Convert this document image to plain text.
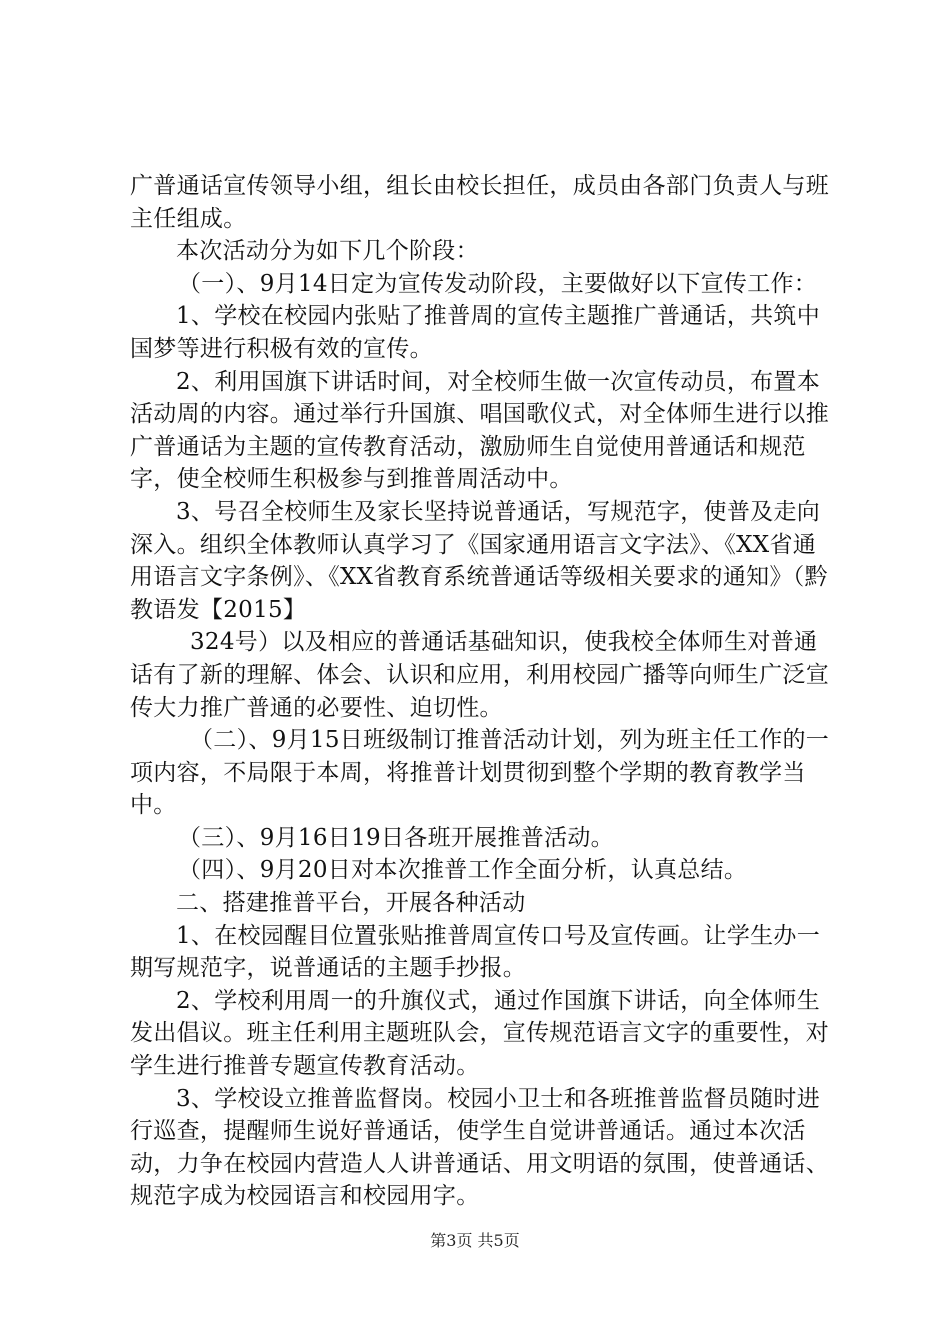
广普通话宣传领导小组，组长由校长担任，成员由各部门负责人与班主任组成。

本次活动分为如下几个阶段：

（一）、9月14日定为宣传发动阶段，主要做好以下宣传工作：

1、学校在校园内张贴了推普周的宣传主题推广普通话，共筑中国梦等进行积极有效的宣传。

2、利用国旗下讲话时间，对全校师生做一次宣传动员，布置本活动周的内容。通过举行升国旗、唱国歌仪式，对全体师生进行以推广普通话为主题的宣传教育活动，激励师生自觉使用普通话和规范字，使全校师生积极参与到推普周活动中。

3、号召全校师生及家长坚持说普通话，写规范字，使普及走向深入。组织全体教师认真学习了《国家通用语言文字法》、《XX省通用语言文字条例》、《XX省教育系统普通话等级相关要求的通知》（黔教语发【2015】

324号）以及相应的普通话基础知识，使我校全体师生对普通话有了新的理解、体会、认识和应用，利用校园广播等向师生广泛宣传大力推广普通的必要性、迫切性。

（二）、9月15日班级制订推普活动计划，列为班主任工作的一项内容，不局限于本周，将推普计划贯彻到整个学期的教育教学当中。

（三）、9月16日19日各班开展推普活动。

（四）、9月20日对本次推普工作全面分析，认真总结。

二、搭建推普平台，开展各种活动

1、在校园醒目位置张贴推普周宣传口号及宣传画。让学生办一期写规范字，说普通话的主题手抄报。

2、学校利用周一的升旗仪式，通过作国旗下讲话，向全体师生发出倡议。班主任利用主题班队会，宣传规范语言文字的重要性，对学生进行推普专题宣传教育活动。

3、学校设立推普监督岗。校园小卫士和各班推普监督员随时进行巡查，提醒师生说好普通话，使学生自觉讲普通话。通过本次活动，力争在校园内营造人人讲普通话、用文明语的氛围，使普通话、规范字成为校园语言和校园用字。

第3页 共5页
